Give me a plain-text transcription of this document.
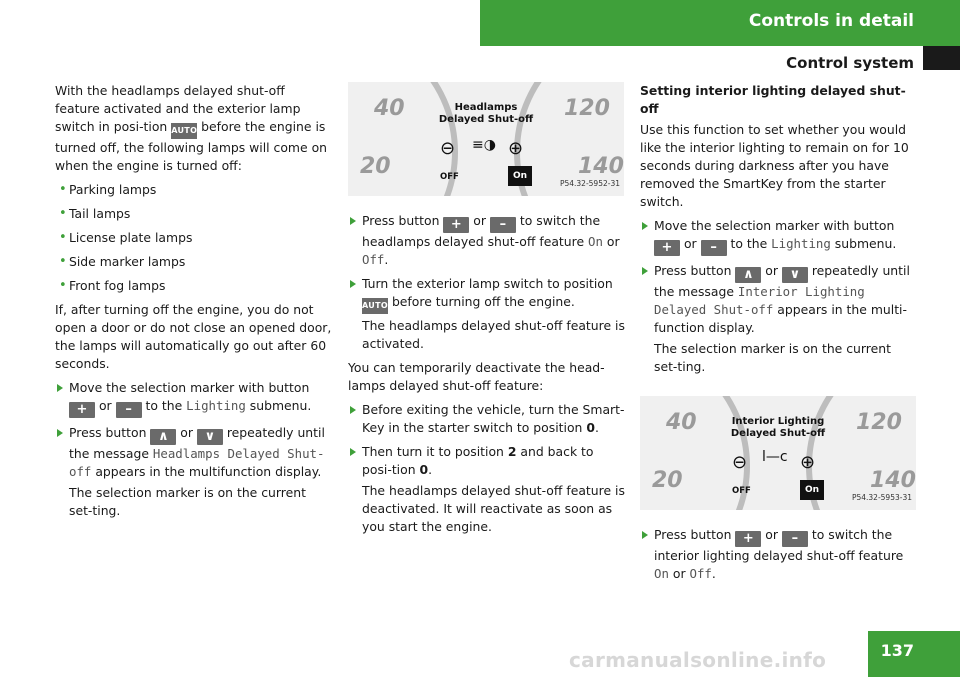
Controls in detail
Control system

With the headlamps delayed shut-off feature activated and the exterior lamp switch in posi-tion AUTO before the engine is turned off, the following lamps will come on when the engine is turned off:

• Parking lamps
• Tail lamps
• License plate lamps
• Side marker lamps
• Front fog lamps

If, after turning off the engine, you do not open a door or do not close an opened door, the lamps will automatically go out after 60 seconds.

Move the selection marker with button + or – to the Lighting submenu.
Press button ∧ or ∨ repeatedly until the message Headlamps Delayed Shut-off appears in the multifunction display.

The selection marker is on the current set-ting.

40	120
20	140
Headlamps
Delayed Shut-off
⊖ ≡◑ ⊕
OFF	On
P54.32-5952-31
Press button + or – to switch the headlamps delayed shut-off feature On or Off.
Turn the exterior lamp switch to position AUTO before turning off the engine.

The headlamps delayed shut-off feature is activated.

You can temporarily deactivate the head-lamps delayed shut-off feature:

Before exiting the vehicle, turn the Smart-Key in the starter switch to position 0.
Then turn it to position 2 and back to posi-tion 0.

The headlamps delayed shut-off feature is deactivated. It will reactivate as soon as you start the engine.

Setting interior lighting delayed shut-off

Use this function to set whether you would like the interior lighting to remain on for 10 seconds during darkness after you have removed the SmartKey from the starter switch.

Move the selection marker with button + or – to the Lighting submenu.
Press button ∧ or ∨ repeatedly until the message Interior Lighting Delayed Shut-off appears in the multi-function display.

The selection marker is on the current set-ting.

40	120
20	140
Interior Lighting
Delayed Shut-off
⊖ ⅼ—ⅽ ⊕
OFF	On
P54.32-5953-31
Press button + or – to switch the interior lighting delayed shut-off feature On or Off.
carmanualsonline.info	137
